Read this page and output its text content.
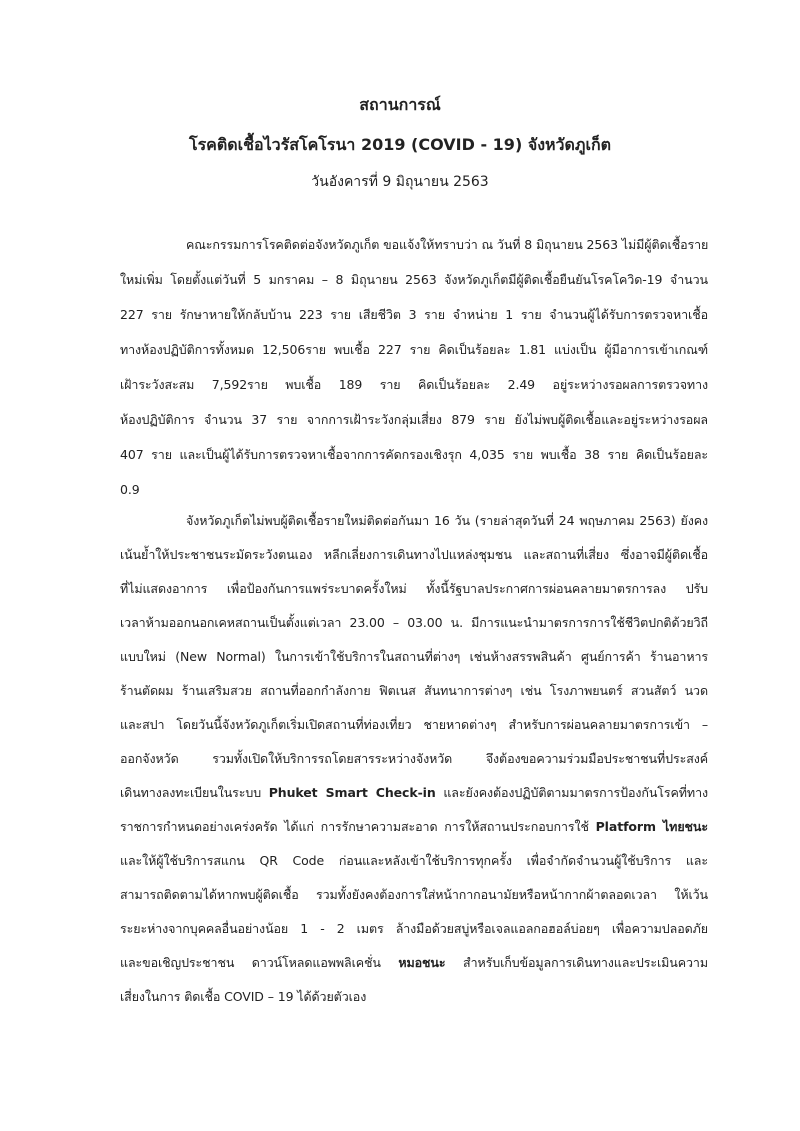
สถานการณ์
โรคติดเชื้อไวรัสโคโรนา 2019 (COVID - 19) จังหวัดภูเก็ต
วันอังคารที่ 9 มิถุนายน 2563
คณะกรรมการโรคติดต่อจังหวัดภูเก็ต ขอแจ้งให้ทราบว่า ณ วันที่ 8 มิถุนายน 2563 ไม่มีผู้ติดเชื้อราย
ใหม่เพิ่ม โดยตั้งแต่วันที่ 5 มกราคม – 8 มิถุนายน 2563 จังหวัดภูเก็ตมีผู้ติดเชื้อยืนยันโรคโควิด-19 จำนวน
227 ราย รักษาหายให้กลับบ้าน 223 ราย เสียชีวิต 3 ราย จำหน่าย 1 ราย จำนวนผู้ได้รับการตรวจหาเชื้อ
ทางห้องปฏิบัติการทั้งหมด 12,506ราย พบเชื้อ 227 ราย คิดเป็นร้อยละ 1.81 แบ่งเป็น ผู้มีอาการเข้าเกณฑ์
เฝ้าระวังสะสม 7,592ราย พบเชื้อ 189 ราย คิดเป็นร้อยละ 2.49 อยู่ระหว่างรอผลการตรวจทาง
ห้องปฏิบัติการ จำนวน 37 ราย จากการเฝ้าระวังกลุ่มเสี่ยง 879 ราย ยังไม่พบผู้ติดเชื้อและอยู่ระหว่างรอผล
407 ราย และเป็นผู้ได้รับการตรวจหาเชื้อจากการคัดกรองเชิงรุก 4,035 ราย พบเชื้อ 38 ราย คิดเป็นร้อยละ
0.9
จังหวัดภูเก็ตไม่พบผู้ติดเชื้อรายใหม่ติดต่อกันมา 16 วัน (รายล่าสุดวันที่ 24 พฤษภาคม 2563) ยังคง
เน้นย้ำให้ประชาชนระมัดระวังตนเอง หลีกเลี่ยงการเดินทางไปแหล่งชุมชน และสถานที่เสี่ยง ซึ่งอาจมีผู้ติดเชื้อ
ที่ไม่แสดงอาการ เพื่อป้องกันการแพร่ระบาดครั้งใหม่ ทั้งนี้รัฐบาลประกาศการผ่อนคลายมาตรการลง ปรับ
เวลาห้ามออกนอกเคหสถานเป็นตั้งแต่เวลา 23.00 – 03.00 น. มีการแนะนำมาตรการการใช้ชีวิตปกติด้วยวิถี
แบบใหม่ (New Normal) ในการเข้าใช้บริการในสถานที่ต่างๆ เช่นห้างสรรพสินค้า ศูนย์การค้า ร้านอาหาร
ร้านตัดผม ร้านเสริมสวย สถานที่ออกกำลังกาย ฟิตเนส สันทนาการต่างๆ เช่น โรงภาพยนตร์ สวนสัตว์ นวด
และสปา โดยวันนี้จังหวัดภูเก็ตเริ่มเปิดสถานที่ท่องเที่ยว ชายหาดต่างๆ สำหรับการผ่อนคลายมาตรการเข้า –
ออกจังหวัด รวมทั้งเปิดให้บริการรถโดยสารระหว่างจังหวัด จึงต้องขอความร่วมมือประชาชนที่ประสงค์
เดินทางลงทะเบียนในระบบ Phuket Smart Check-in และยังคงต้องปฏิบัติตามมาตรการป้องกันโรคที่ทาง
ราชการกำหนดอย่างเคร่งครัด ได้แก่ การรักษาความสะอาด การให้สถานประกอบการใช้ Platform ไทยชนะ
และให้ผู้ใช้บริการสแกน QR Code ก่อนและหลังเข้าใช้บริการทุกครั้ง เพื่อจำกัดจำนวนผู้ใช้บริการ และ
สามารถติดตามได้หากพบผู้ติดเชื้อ รวมทั้งยังคงต้องการใส่หน้ากากอนามัยหรือหน้ากากผ้าตลอดเวลา ให้เว้น
ระยะห่างจากบุคคลอื่นอย่างน้อย 1 - 2 เมตร ล้างมือด้วยสบู่หรือเจลแอลกอฮอล์บ่อยๆ เพื่อความปลอดภัย
และขอเชิญประชาชน ดาวน์โหลดแอพพลิเคชั่น หมอชนะ สำหรับเก็บข้อมูลการเดินทางและประเมินความ
เสี่ยงในการ ติดเชื้อ COVID – 19 ได้ด้วยตัวเอง
